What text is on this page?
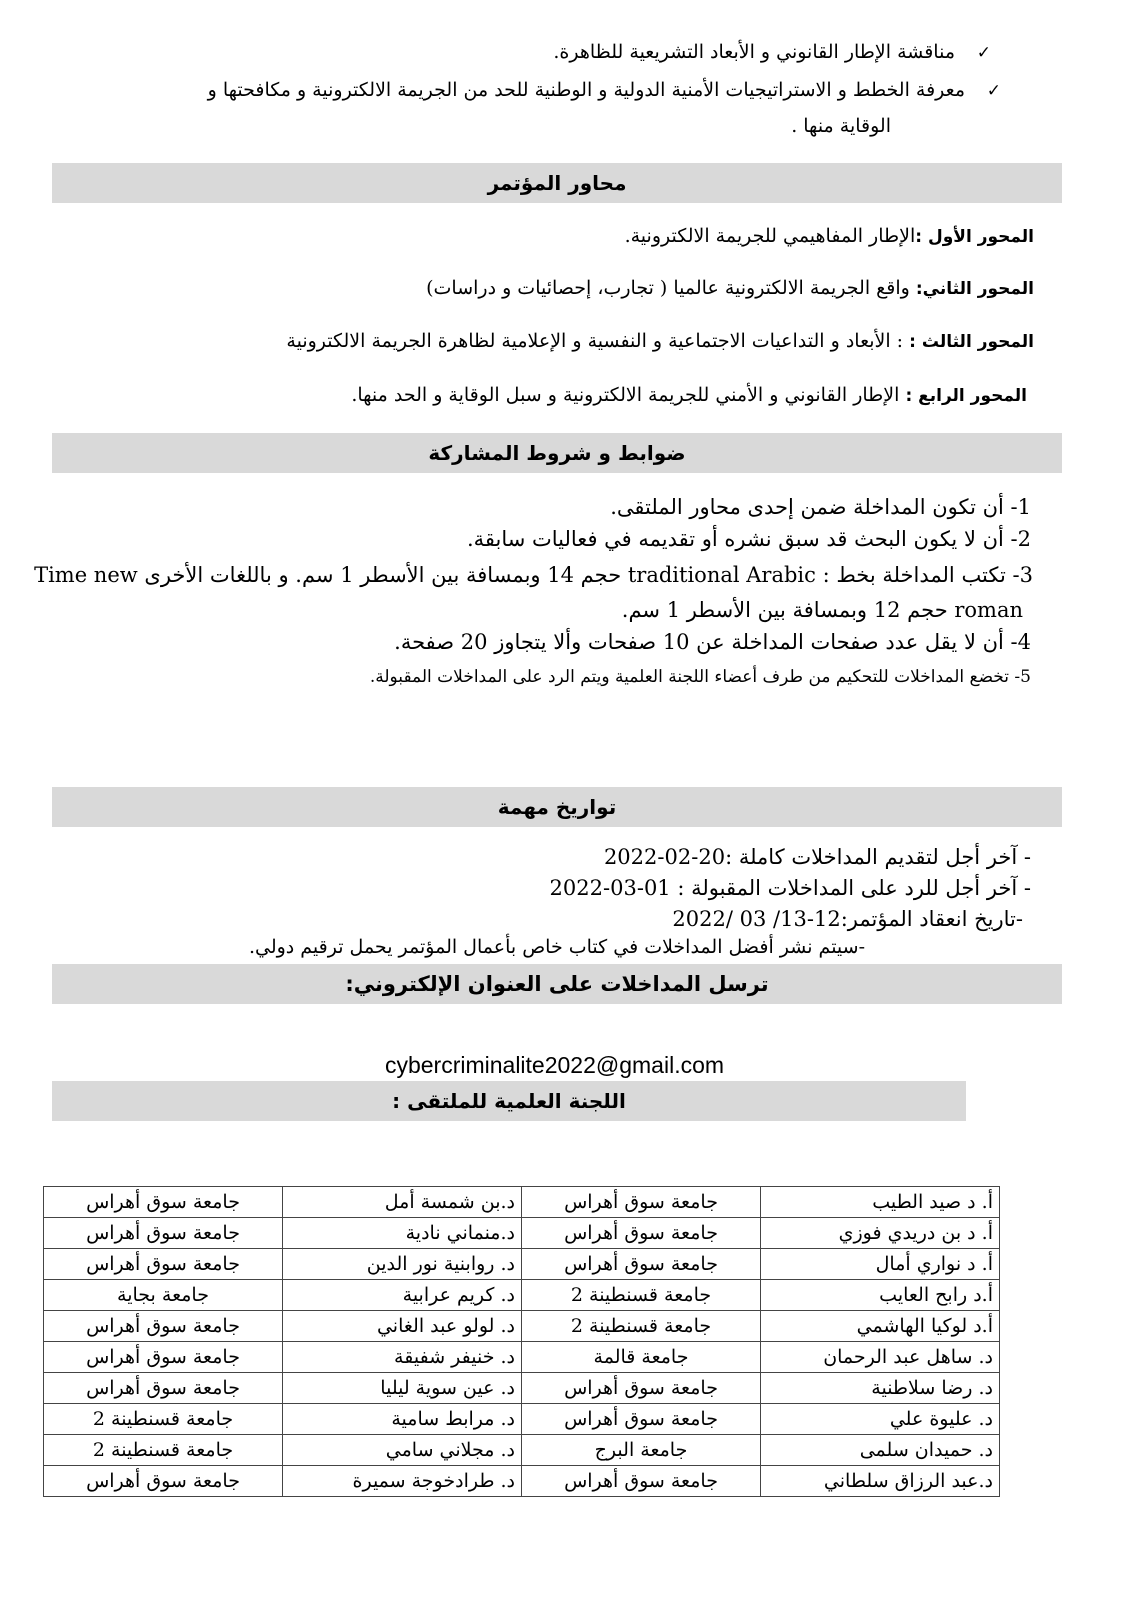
✓مناقشة الإطار القانوني و الأبعاد التشريعية للظاهرة.
✓معرفة الخطط و الاستراتيجيات الأمنية الدولية و الوطنية للحد من الجريمة الالكترونية و مكافحتها و
الوقاية منها .
محاور المؤتمر
المحور الأول :الإطار المفاهيمي للجريمة الالكترونية.
المحور الثاني: واقع الجريمة الالكترونية عالميا ( تجارب، إحصائيات و دراسات)
المحور الثالث : : الأبعاد و التداعيات الاجتماعية و النفسية و الإعلامية لظاهرة الجريمة الالكترونية
المحور الرابع : الإطار القانوني و الأمني للجريمة الالكترونية و سبل الوقاية و الحد منها.
ضوابط و شروط المشاركة
1- أن تكون المداخلة ضمن إحدى محاور الملتقى.
2- أن لا يكون البحث قد سبق نشره أو تقديمه في فعاليات سابقة.
3- تكتب المداخلة بخط : traditional Arabic حجم 14 وبمسافة بين الأسطر 1 سم. و باللغات الأخرى Time new
roman حجم 12 وبمسافة بين الأسطر 1 سم.
4- أن لا يقل عدد صفحات المداخلة عن 10 صفحات وألا يتجاوز 20 صفحة.
5- تخضع المداخلات للتحكيم من طرف أعضاء اللجنة العلمية ويتم الرد على المداخلات المقبولة.
تواريخ مهمة
- آخر أجل لتقديم المداخلات كاملة :20-02-2022
- آخر أجل للرد على المداخلات المقبولة : 01-03-2022
-تاريخ انعقاد المؤتمر:12-13/ 03 /2022
-سيتم نشر أفضل المداخلات في كتاب خاص بأعمال المؤتمر يحمل ترقيم دولي.
ترسل المداخلات على العنوان الإلكتروني:
cybercriminalite2022@gmail.com
اللجنة العلمية للملتقى :
أ. د صيد الطيب	جامعة سوق أهراس	د.بن شمسة أمل	جامعة سوق أهراس
أ. د بن دريدي فوزي	جامعة سوق أهراس	د.منماني نادية	جامعة سوق أهراس
أ. د نواري أمال	جامعة سوق أهراس	د. روابنية نور الدين	جامعة سوق أهراس
أ.د رابح العايب	جامعة قسنطينة 2	د. كريم عرابية	جامعة بجاية
أ.د لوكيا الهاشمي	جامعة قسنطينة 2	د. لولو عبد الغاني	جامعة سوق أهراس
د. ساهل عبد الرحمان	جامعة قالمة	د. خنيفر شفيقة	جامعة سوق أهراس
د. رضا سلاطنية	جامعة سوق أهراس	د. عين سوية ليليا	جامعة سوق أهراس
د. عليوة علي	جامعة سوق أهراس	د. مرابط سامية	جامعة قسنطينة 2
د. حميدان سلمى	جامعة البرج	د. مجلاني سامي	جامعة قسنطينة 2
د.عبد الرزاق سلطاني	جامعة سوق أهراس	د. طرادخوجة سميرة	جامعة سوق أهراس
